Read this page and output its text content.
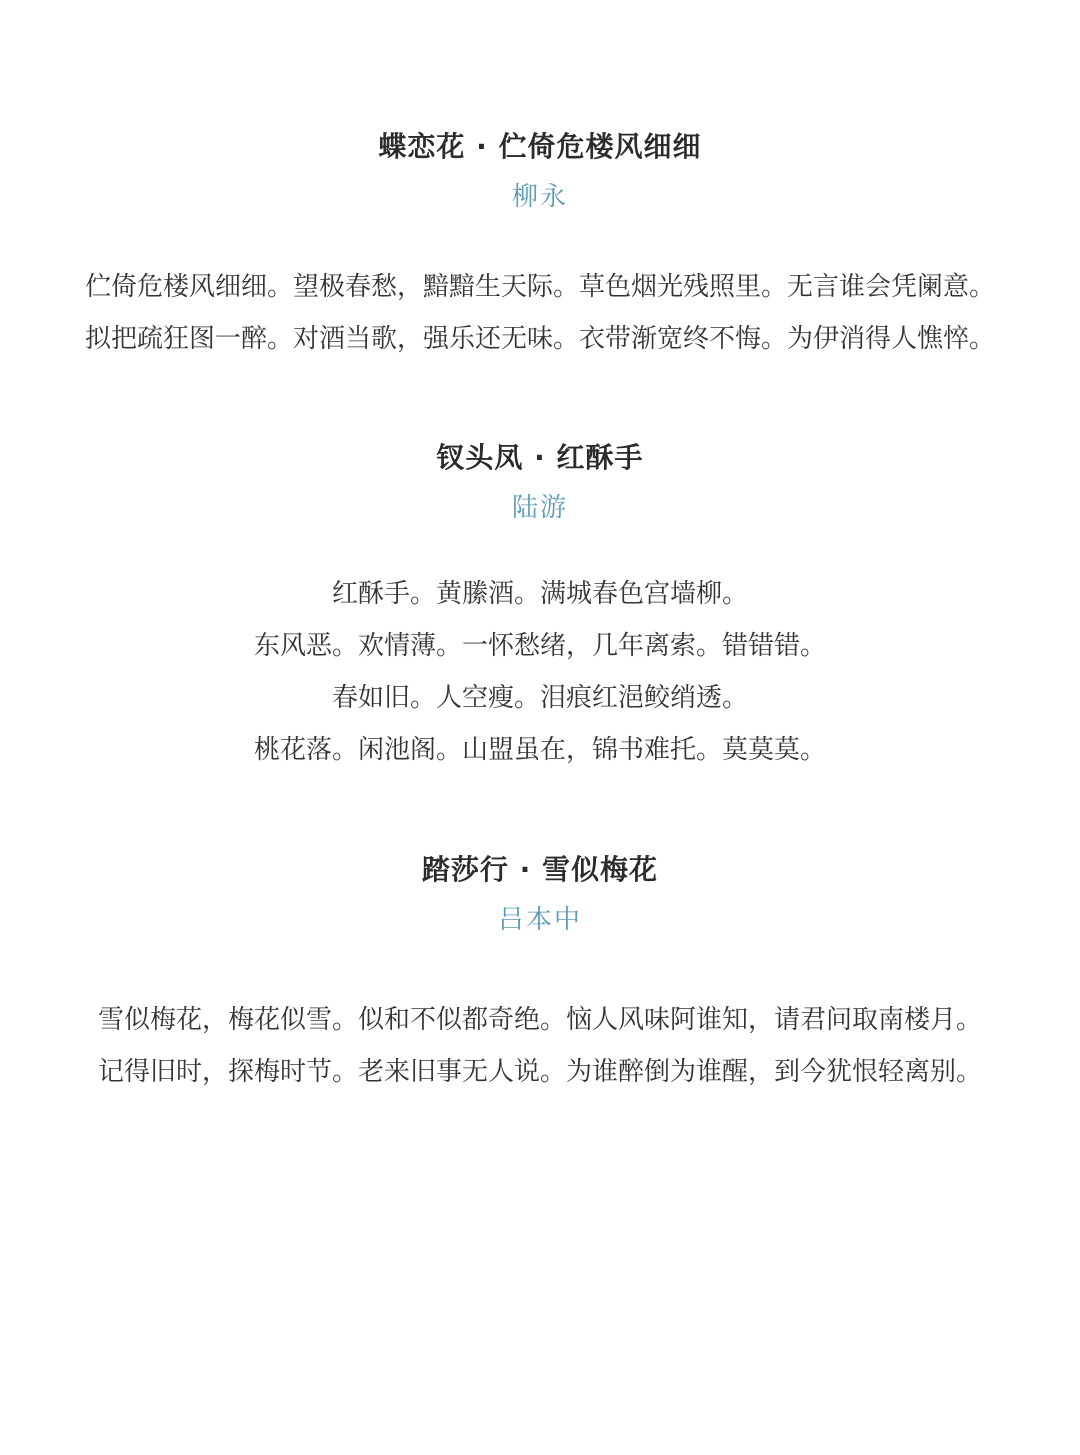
蝶恋花 · 伫倚危楼风细细
柳永
伫倚危楼风细细。望极春愁，黯黯生天际。草色烟光残照里。无言谁会凭阑意。
拟把疏狂图一醉。对酒当歌，强乐还无味。衣带渐宽终不悔。为伊消得人憔悴。
钗头凤 · 红酥手
陆游
红酥手。黄縢酒。满城春色宫墙柳。
东风恶。欢情薄。一怀愁绪，几年离索。错错错。
春如旧。人空瘦。泪痕红浥鲛绡透。
桃花落。闲池阁。山盟虽在，锦书难托。莫莫莫。
踏莎行 · 雪似梅花
吕本中
雪似梅花，梅花似雪。似和不似都奇绝。恼人风味阿谁知，请君问取南楼月。
记得旧时，探梅时节。老来旧事无人说。为谁醉倒为谁醒，到今犹恨轻离别。
